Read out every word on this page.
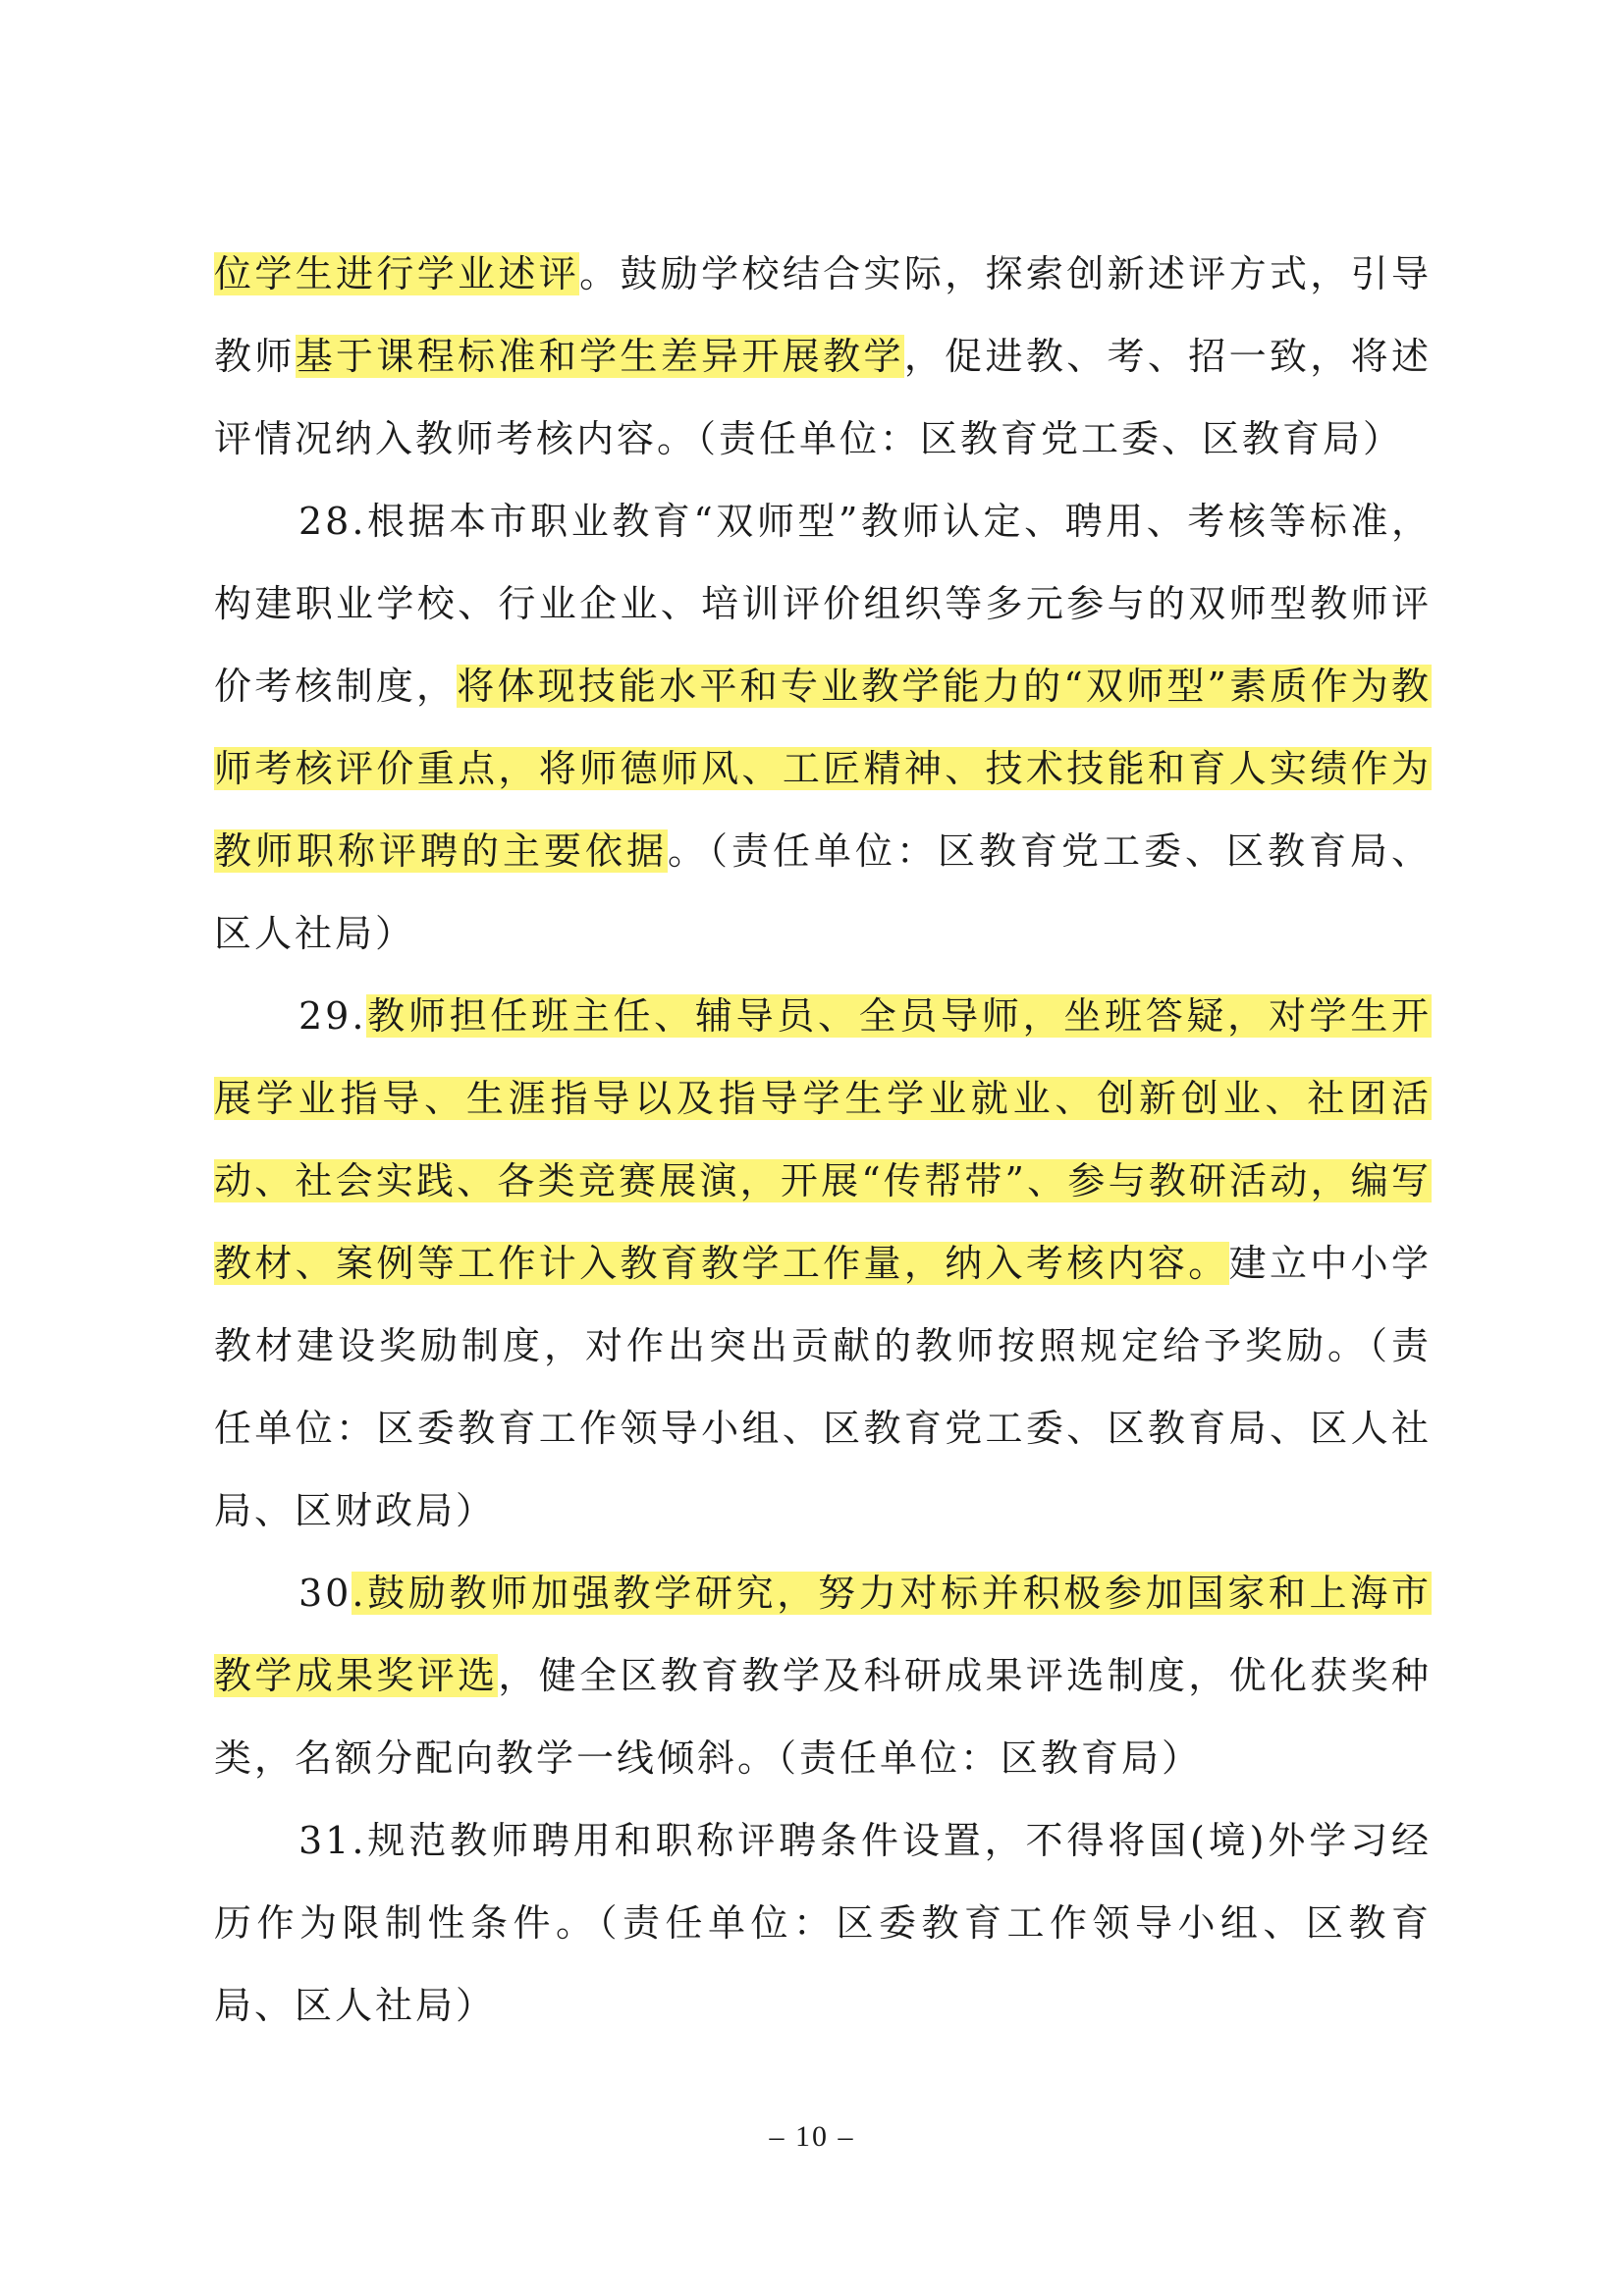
位学生进行学业述评。鼓励学校结合实际，探索创新述评方式，引导教师基于课程标准和学生差异开展教学，促进教、考、招一致，将述评情况纳入教师考核内容。（责任单位：区教育党工委、区教育局）

28.根据本市职业教育“双师型”教师认定、聘用、考核等标准，构建职业学校、行业企业、培训评价组织等多元参与的双师型教师评价考核制度，将体现技能水平和专业教学能力的“双师型”素质作为教师考核评价重点，将师德师风、工匠精神、技术技能和育人实绩作为教师职称评聘的主要依据。（责任单位：区教育党工委、区教育局、区人社局）

29.教师担任班主任、辅导员、全员导师，坐班答疑，对学生开展学业指导、生涯指导以及指导学生学业就业、创新创业、社团活动、社会实践、各类竞赛展演，开展“传帮带”、参与教研活动，编写教材、案例等工作计入教育教学工作量，纳入考核内容。建立中小学教材建设奖励制度，对作出突出贡献的教师按照规定给予奖励。（责任单位：区委教育工作领导小组、区教育党工委、区教育局、区人社局、区财政局）

30.鼓励教师加强教学研究，努力对标并积极参加国家和上海市教学成果奖评选，健全区教育教学及科研成果评选制度，优化获奖种类，名额分配向教学一线倾斜。（责任单位：区教育局）

31.规范教师聘用和职称评聘条件设置，不得将国(境)外学习经历作为限制性条件。（责任单位：区委教育工作领导小组、区教育局、区人社局）

– 10 –
